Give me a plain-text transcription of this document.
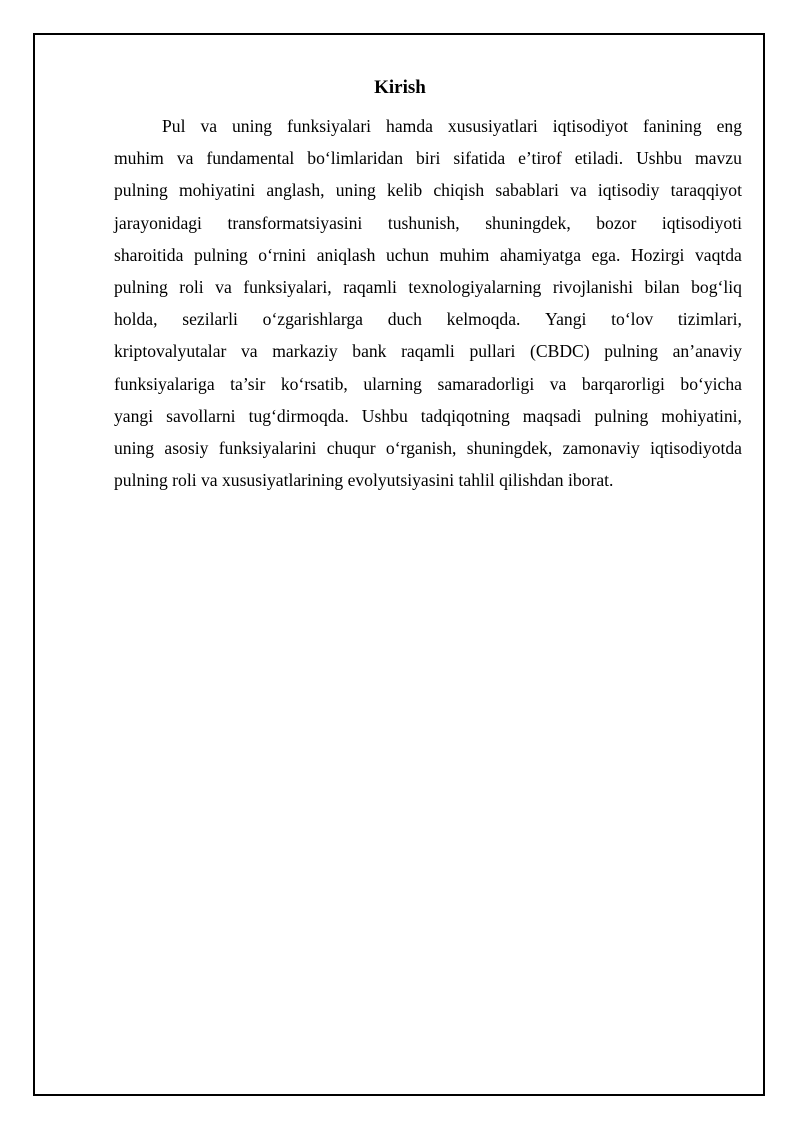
Kirish
Pul va uning funksiyalari hamda xususiyatlari iqtisodiyot fanining eng
muhim va fundamental bo‘limlaridan biri sifatida e’tirof etiladi. Ushbu mavzu
pulning mohiyatini anglash, uning kelib chiqish sabablari va iqtisodiy taraqqiyot
jarayonidagi transformatsiyasini tushunish, shuningdek, bozor iqtisodiyoti
sharoitida pulning o‘rnini aniqlash uchun muhim ahamiyatga ega. Hozirgi vaqtda
pulning roli va funksiyalari, raqamli texnologiyalarning rivojlanishi bilan bog‘liq
holda, sezilarli o‘zgarishlarga duch kelmoqda. Yangi to‘lov tizimlari,
kriptovalyutalar va markaziy bank raqamli pullari (CBDC) pulning an’anaviy
funksiyalariga ta’sir ko‘rsatib, ularning samaradorligi va barqarorligi bo‘yicha
yangi savollarni tug‘dirmoqda. Ushbu tadqiqotning maqsadi pulning mohiyatini,
uning asosiy funksiyalarini chuqur o‘rganish, shuningdek, zamonaviy iqtisodiyotda
pulning roli va xususiyatlarining evolyutsiyasini tahlil qilishdan iborat.
